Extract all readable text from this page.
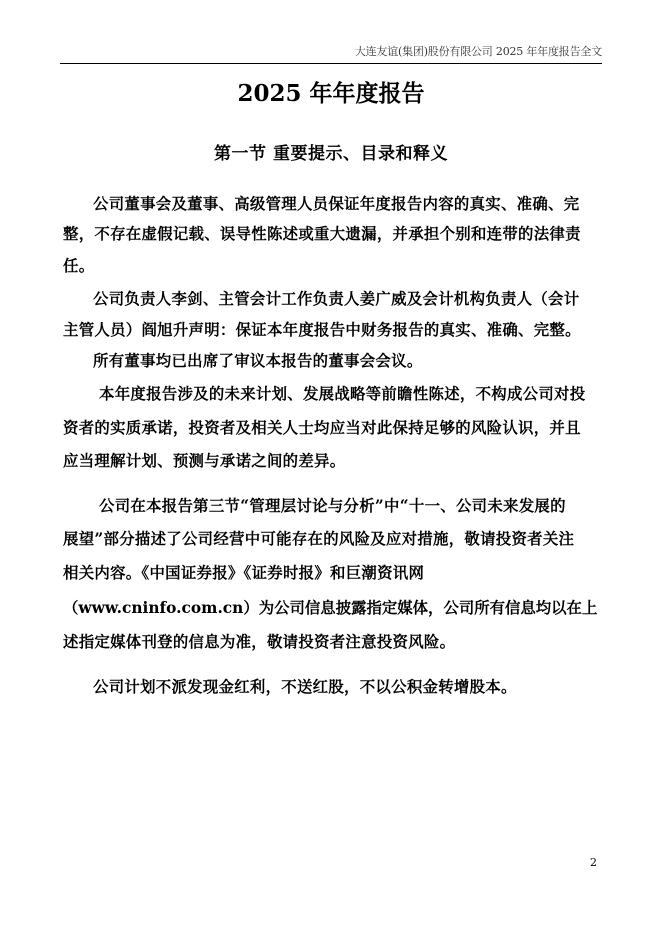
大连友谊(集团)股份有限公司 2025 年年度报告全文
2025 年年度报告
第一节 重要提示、目录和释义
公司董事会及董事、高级管理人员保证年度报告内容的真实、准确、完
整，不存在虚假记载、误导性陈述或重大遗漏，并承担个别和连带的法律责
任。
公司负责人李剑、主管会计工作负责人姜广威及会计机构负责人（会计
主管人员）阎旭升声明：保证本年度报告中财务报告的真实、准确、完整。
所有董事均已出席了审议本报告的董事会会议。
本年度报告涉及的未来计划、发展战略等前瞻性陈述，不构成公司对投
资者的实质承诺，投资者及相关人士均应当对此保持足够的风险认识，并且
应当理解计划、预测与承诺之间的差异。
公司在本报告第三节“管理层讨论与分析”中“十一、公司未来发展的
展望”部分描述了公司经营中可能存在的风险及应对措施，敬请投资者关注
相关内容。《中国证券报》《证券时报》和巨潮资讯网
（www.cninfo.com.cn）为公司信息披露指定媒体，公司所有信息均以在上
述指定媒体刊登的信息为准，敬请投资者注意投资风险。
公司计划不派发现金红利，不送红股，不以公积金转增股本。
2
